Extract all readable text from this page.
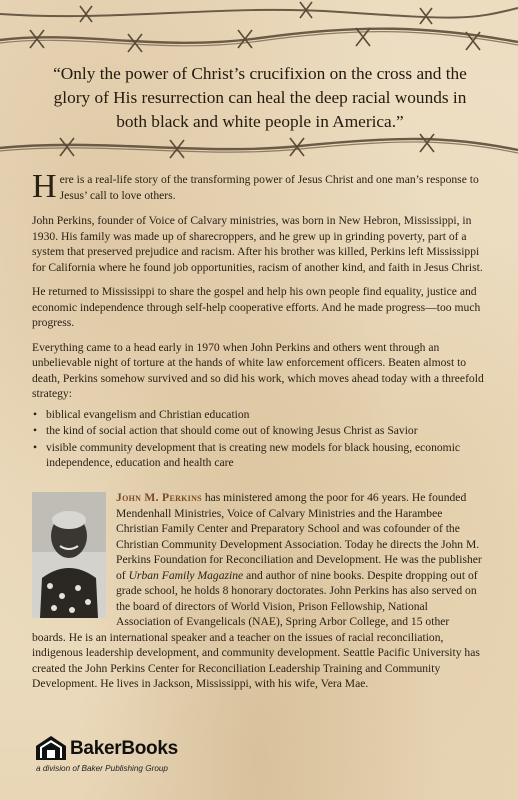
“Only the power of Christ’s crucifixion on the cross and the glory of His resurrection can heal the deep racial wounds in both black and white people in America.”

Here is a real-life story of the transforming power of Jesus Christ and one man’s response to Jesus’ call to love others.

John Perkins, founder of Voice of Calvary ministries, was born in New Hebron, Mississippi, in 1930. His family was made up of sharecroppers, and he grew up in grinding poverty, part of a system that preserved prejudice and racism. After his brother was killed, Perkins left Mississippi for California where he found job opportunities, racism of another kind, and faith in Jesus Christ.

He returned to Mississippi to share the gospel and help his own people find equality, justice and economic independence through self-help cooperative efforts. And he made progress—too much progress.

Everything came to a head early in 1970 when John Perkins and others went through an unbelievable night of torture at the hands of white law enforcement officers. Beaten almost to death, Perkins somehow survived and so did his work, which moves ahead today with a threefold strategy:

• biblical evangelism and Christian education
• the kind of social action that should come out of knowing Jesus Christ as Savior
• visible community development that is creating new models for black housing, economic independence, education and health care
John M. Perkins has ministered among the poor for 46 years. He founded Mendenhall Ministries, Voice of Calvary Ministries and the Harambee Christian Family Center and Preparatory School and was cofounder of the Christian Community Development Association. Today he directs the John M. Perkins Foundation for Reconciliation and Development. He was the publisher of Urban Family Magazine and author of nine books. Despite dropping out of grade school, he holds 8 honorary doctorates. John Perkins has also served on the board of directors of World Vision, Prison Fellowship, National Association of Evangelicals (NAE), Spring Arbor College, and 15 other boards. He is an international speaker and a teacher on the issues of racial reconciliation, indigenous leadership development, and community development. Seattle Pacific University has created the John Perkins Center for Reconciliation Leadership Training and Community Development. He lives in Jackson, Mississippi, with his wife, Vera Mae.
BakerBooks
a division of Baker Publishing Group
